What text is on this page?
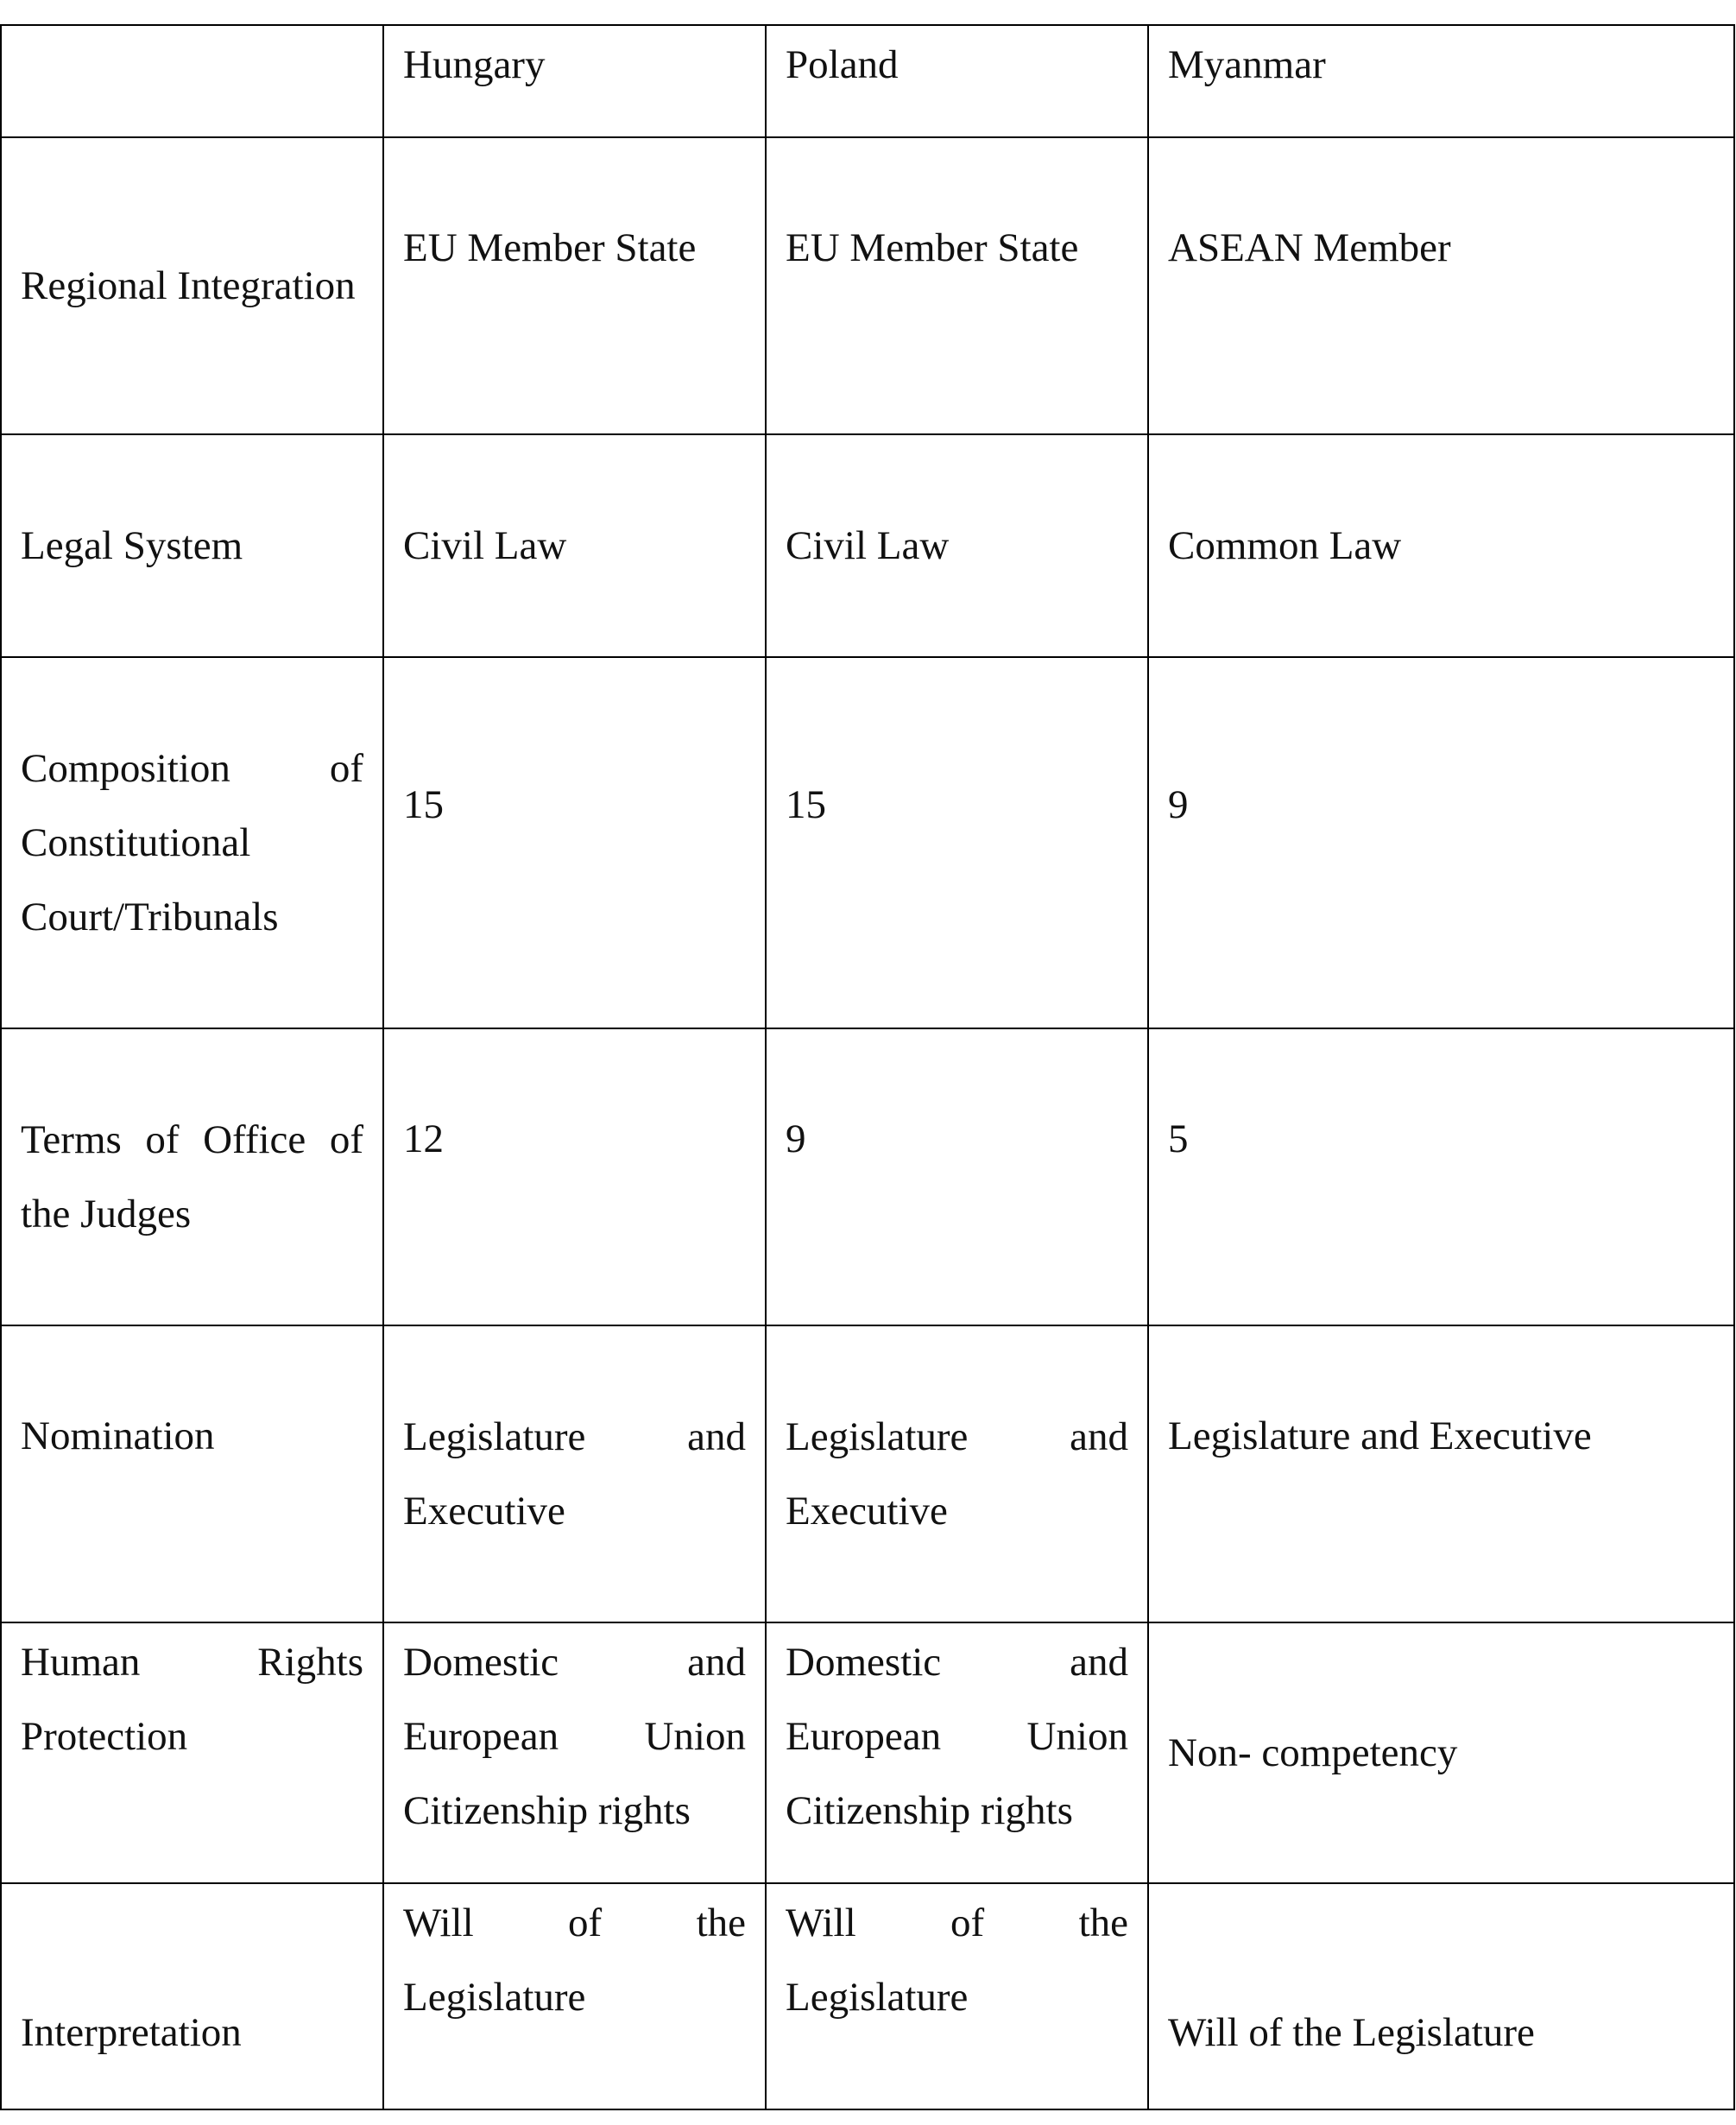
	Hungary	Poland	Myanmar

Regional Integration	EU Member State	EU Member State	ASEAN Member

Legal System	Civil Law	Civil Law	Common Law

Composition of Constitutional Court/Tribunals	15	15	9

Terms of Office of the Judges	12	9	5

Nomination	Legislature and Executive	Legislature and Executive	Legislature and Executive

Human Rights Protection	Domestic and European Union Citizenship rights	Domestic and European Union Citizenship rights	Non- competency

Interpretation	Will of the Legislature	Will of the Legislature	Will of the Legislature
